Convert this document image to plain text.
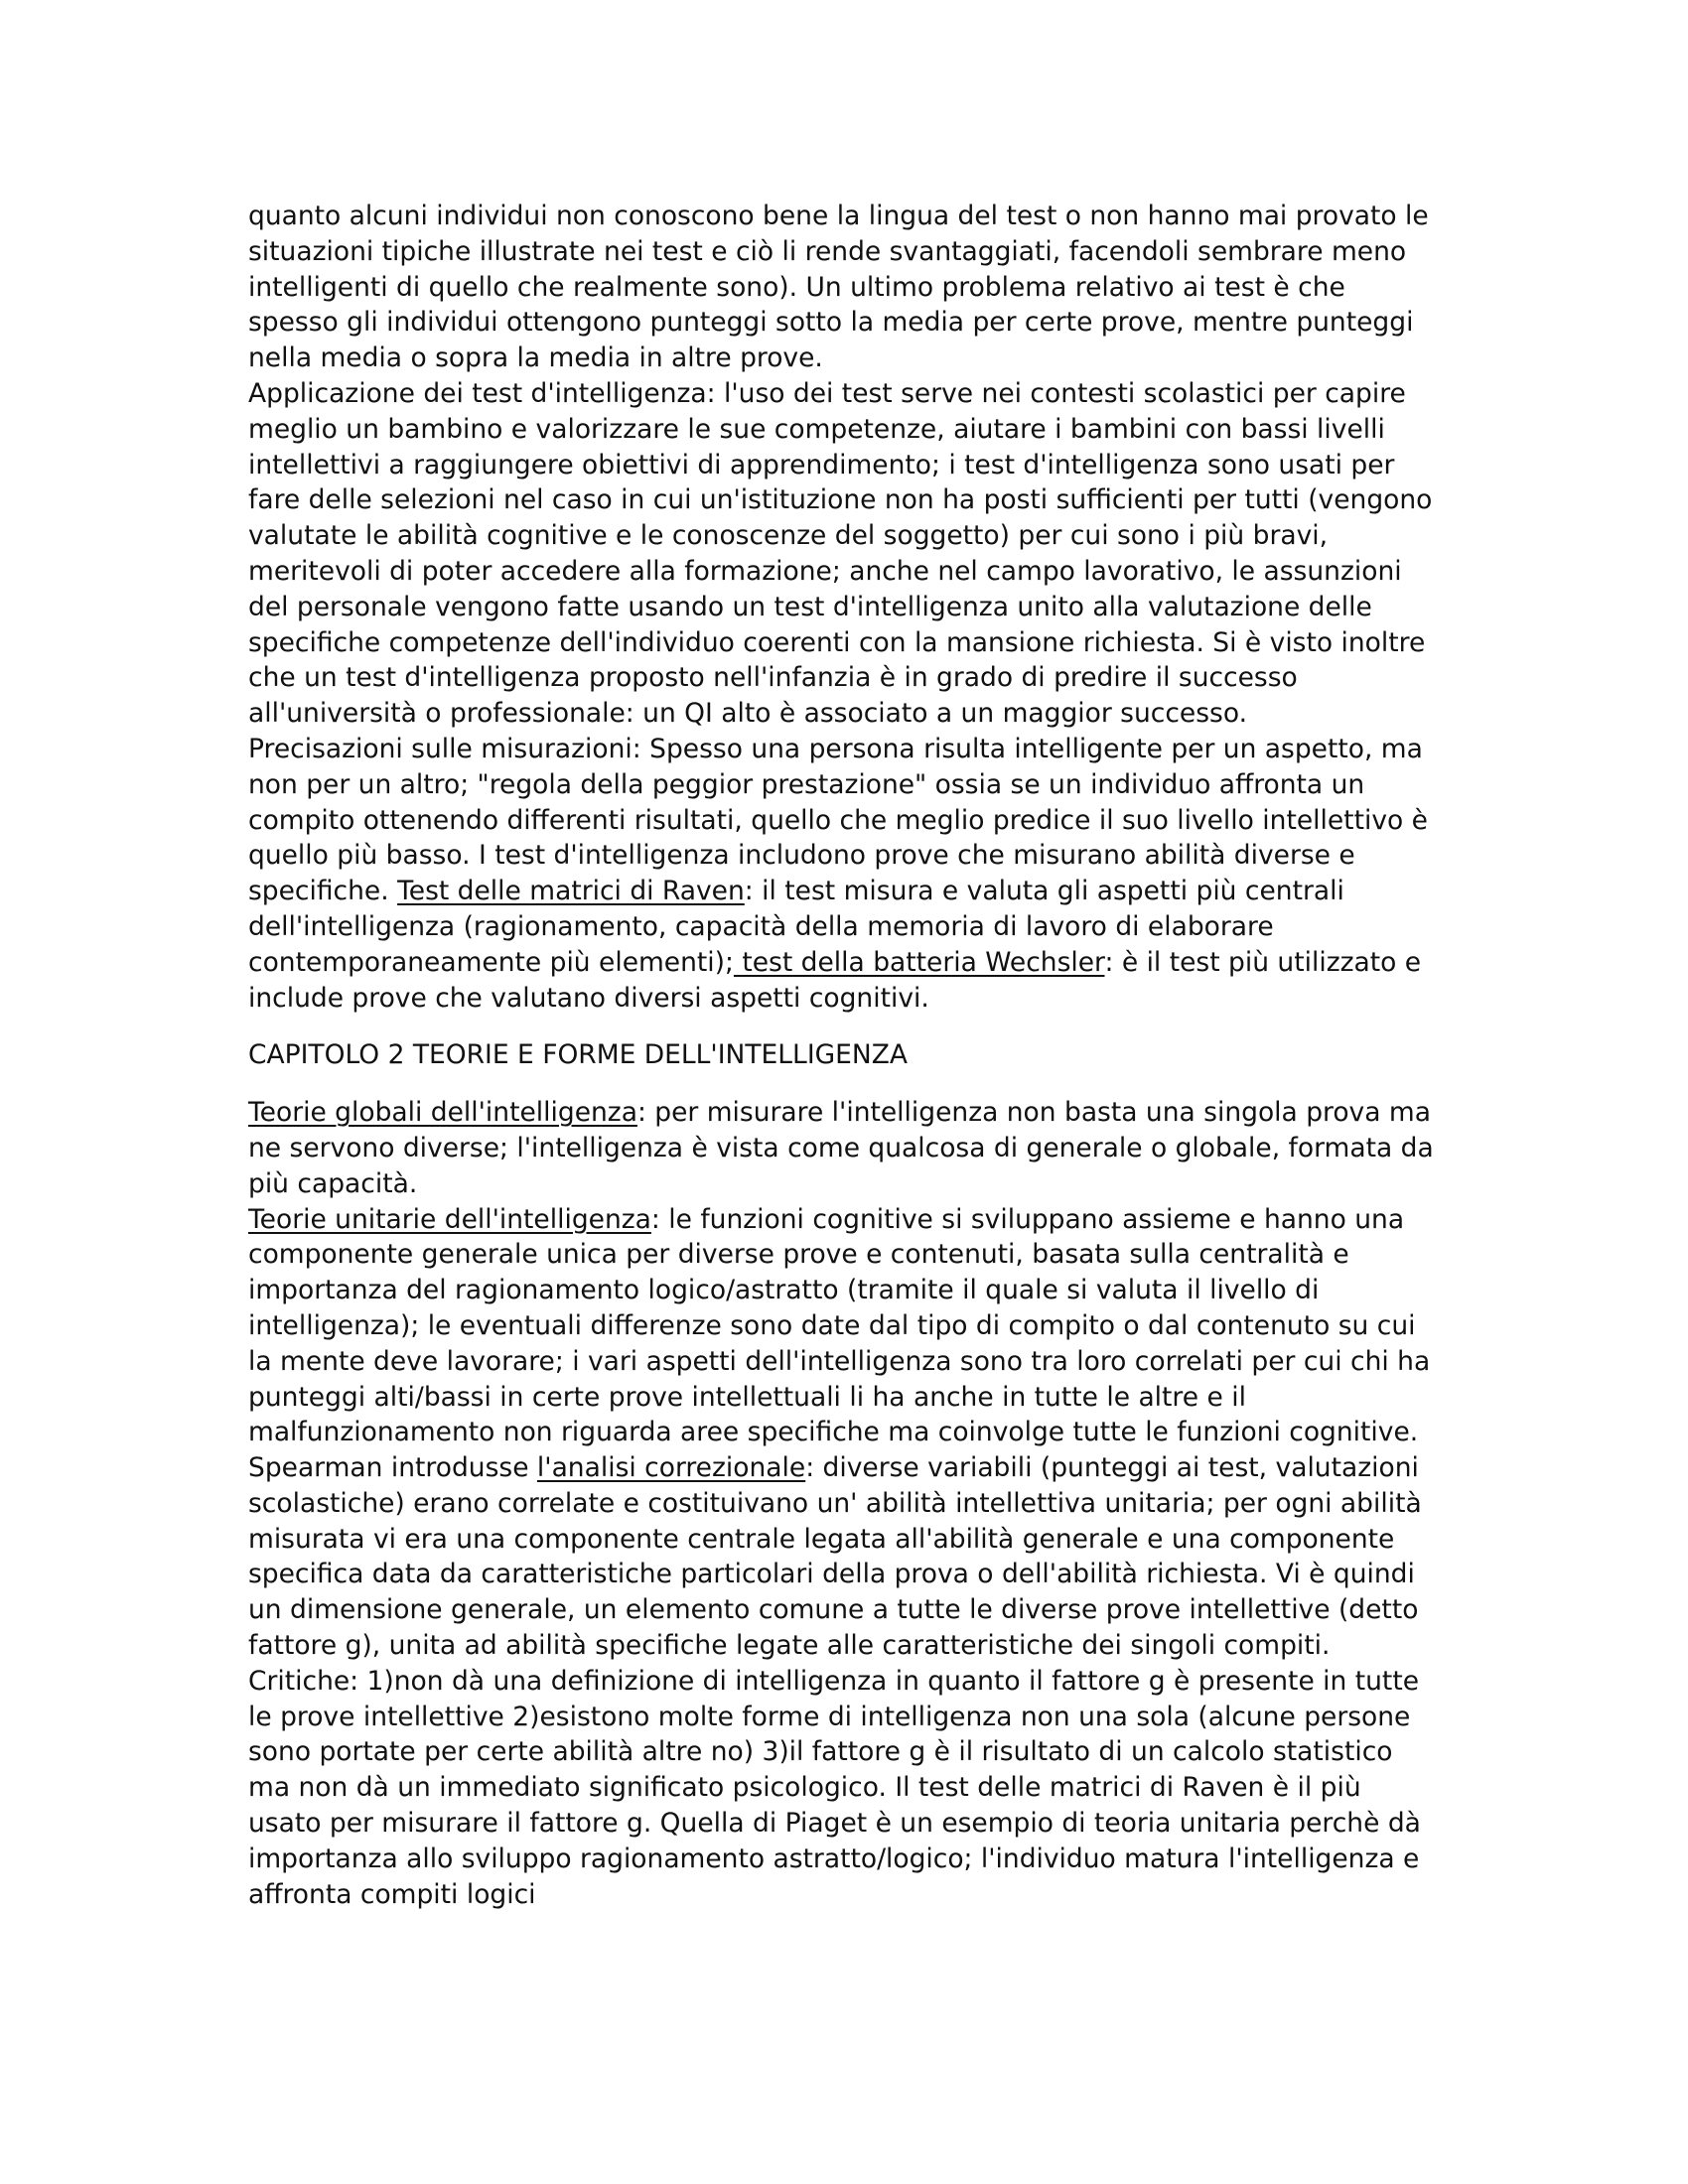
quanto alcuni individui non conoscono bene la lingua del test o non hanno mai provato le situazioni tipiche illustrate nei test e ciò li rende svantaggiati, facendoli sembrare meno intelligenti di quello che realmente sono). Un ultimo problema relativo ai test è che spesso gli individui ottengono punteggi sotto la media per certe prove, mentre punteggi nella media o sopra la media in altre prove.

Applicazione dei test d'intelligenza: l'uso dei test serve nei contesti scolastici per capire meglio un bambino e valorizzare le sue competenze, aiutare i bambini con bassi livelli intellettivi a raggiungere obiettivi di apprendimento; i test d'intelligenza sono usati per fare delle selezioni nel caso in cui un'istituzione non ha posti sufficienti per tutti (vengono valutate le abilità cognitive e le conoscenze del soggetto) per cui sono i più bravi, meritevoli di poter accedere alla formazione; anche nel campo lavorativo, le assunzioni del personale vengono fatte usando un test d'intelligenza unito alla valutazione delle specifiche competenze dell'individuo coerenti con la mansione richiesta. Si è visto inoltre che un test d'intelligenza proposto nell'infanzia è in grado di predire il successo all'università o professionale: un QI alto è associato a un maggior successo.

Precisazioni sulle misurazioni: Spesso una persona risulta intelligente per un aspetto, ma non per un altro; "regola della peggior prestazione" ossia se un individuo affronta un compito ottenendo differenti risultati, quello che meglio predice il suo livello intellettivo è quello più basso. I test d'intelligenza includono prove che misurano abilità diverse e specifiche. Test delle matrici di Raven: il test misura e valuta gli aspetti più centrali dell'intelligenza (ragionamento, capacità della memoria di lavoro di elaborare contemporaneamente più elementi); test della batteria Wechsler: è il test più utilizzato e include prove che valutano diversi aspetti cognitivi.

CAPITOLO 2 TEORIE E FORME DELL'INTELLIGENZA

Teorie globali dell'intelligenza: per misurare l'intelligenza non basta una singola prova ma ne servono diverse; l'intelligenza è vista come qualcosa di generale o globale, formata da più capacità.

Teorie unitarie dell'intelligenza: le funzioni cognitive si sviluppano assieme e hanno una componente generale unica per diverse prove e contenuti, basata sulla centralità e importanza del ragionamento logico/astratto (tramite il quale si valuta il livello di intelligenza); le eventuali differenze sono date dal tipo di compito o dal contenuto su cui la mente deve lavorare; i vari aspetti dell'intelligenza sono tra loro correlati per cui chi ha punteggi alti/bassi in certe prove intellettuali li ha anche in tutte le altre e il malfunzionamento non riguarda aree specifiche ma coinvolge tutte le funzioni cognitive. Spearman introdusse l'analisi correzionale: diverse variabili (punteggi ai test, valutazioni scolastiche) erano correlate e costituivano un' abilità intellettiva unitaria; per ogni abilità misurata vi era una componente centrale legata all'abilità generale e una componente specifica data da caratteristiche particolari della prova o dell'abilità richiesta. Vi è quindi un dimensione generale, un elemento comune a tutte le diverse prove intellettive (detto fattore g), unita ad abilità specifiche legate alle caratteristiche dei singoli compiti. Critiche: 1)non dà una definizione di intelligenza in quanto il fattore g è presente in tutte le prove intellettive 2)esistono molte forme di intelligenza non una sola (alcune persone sono portate per certe abilità altre no) 3)il fattore g è il risultato di un calcolo statistico ma non dà un immediato significato psicologico. Il test delle matrici di Raven è il più usato per misurare il fattore g. Quella di Piaget è un esempio di teoria unitaria perchè dà importanza allo sviluppo ragionamento astratto/logico; l'individuo matura l'intelligenza e affronta compiti logici
